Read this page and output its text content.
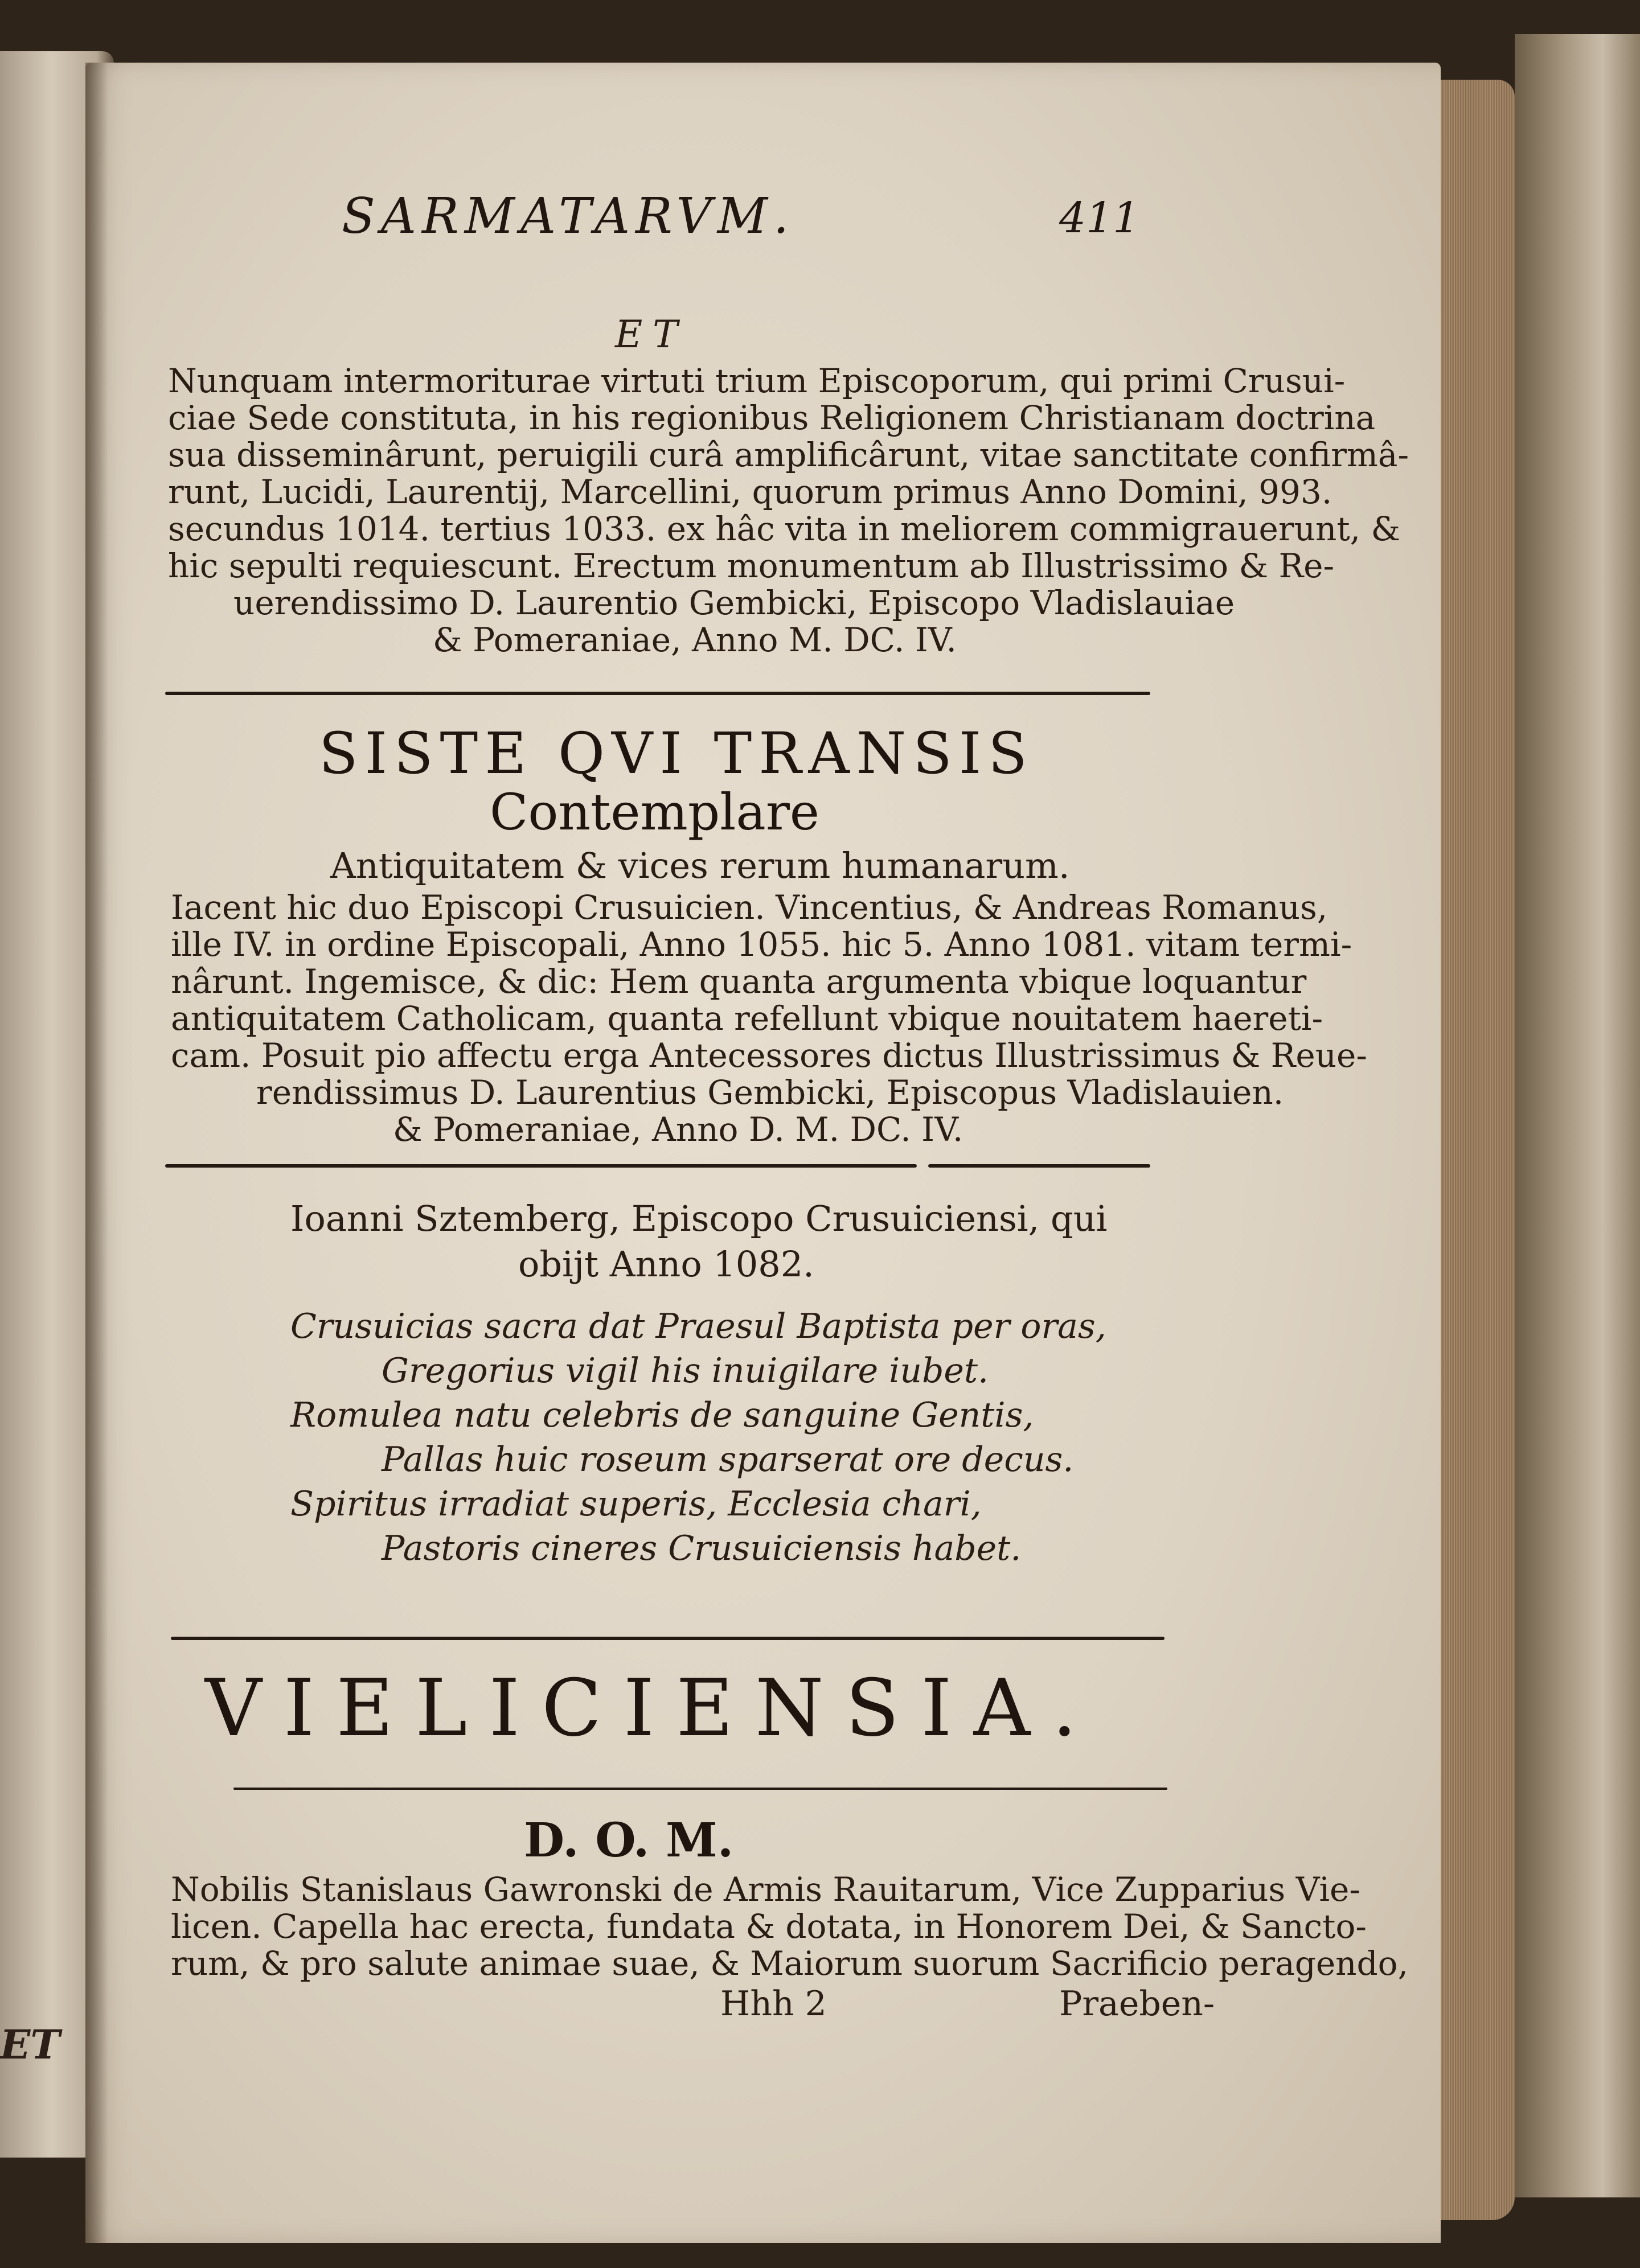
ET
SARMATARVM.	411
ET
Nunquam intermoriturae virtuti trium Episcoporum, qui primi Crusui-
ciae Sede constituta, in his regionibus Religionem Christianam doctrina
sua disseminârunt, peruigili curâ amplificârunt, vitae sanctitate confirmâ-
runt, Lucidi, Laurentij, Marcellini, quorum primus Anno Domini, 993.
secundus 1014. tertius 1033. ex hâc vita in meliorem commigrauerunt, &
hic sepulti requiescunt. Erectum monumentum ab Illustrissimo & Re-
uerendissimo D. Laurentio Gembicki, Episcopo Vladislauiae
& Pomeraniae, Anno M. DC. IV.
SISTE QVI TRANSIS
Contemplare
Antiquitatem & vices rerum humanarum.
Iacent hic duo Episcopi Crusuicien. Vincentius, & Andreas Romanus,
ille IV. in ordine Episcopali, Anno 1055. hic 5. Anno 1081. vitam termi-
nârunt. Ingemisce, & dic: Hem quanta argumenta vbique loquantur
antiquitatem Catholicam, quanta refellunt vbique nouitatem haereti-
cam. Posuit pio affectu erga Antecessores dictus Illustrissimus & Reue-
rendissimus D. Laurentius Gembicki, Episcopus Vladislauien.
& Pomeraniae, Anno D. M. DC. IV.
Ioanni Sztemberg, Episcopo Crusuiciensi, qui
obijt Anno 1082.
Crusuicias sacra dat Praesul Baptista per oras,
Gregorius vigil his inuigilare iubet.
Romulea natu celebris de sanguine Gentis,
Pallas huic roseum sparserat ore decus.
Spiritus irradiat superis, Ecclesia chari,
Pastoris cineres Crusuiciensis habet.
VIELICIENSIA.
D. O. M.
Nobilis Stanislaus Gawronski de Armis Rauitarum, Vice Zupparius Vie-
licen. Capella hac erecta, fundata & dotata, in Honorem Dei, & Sancto-
rum, & pro salute animae suae, & Maiorum suorum Sacrificio peragendo,
Hhh 2	Praeben-
